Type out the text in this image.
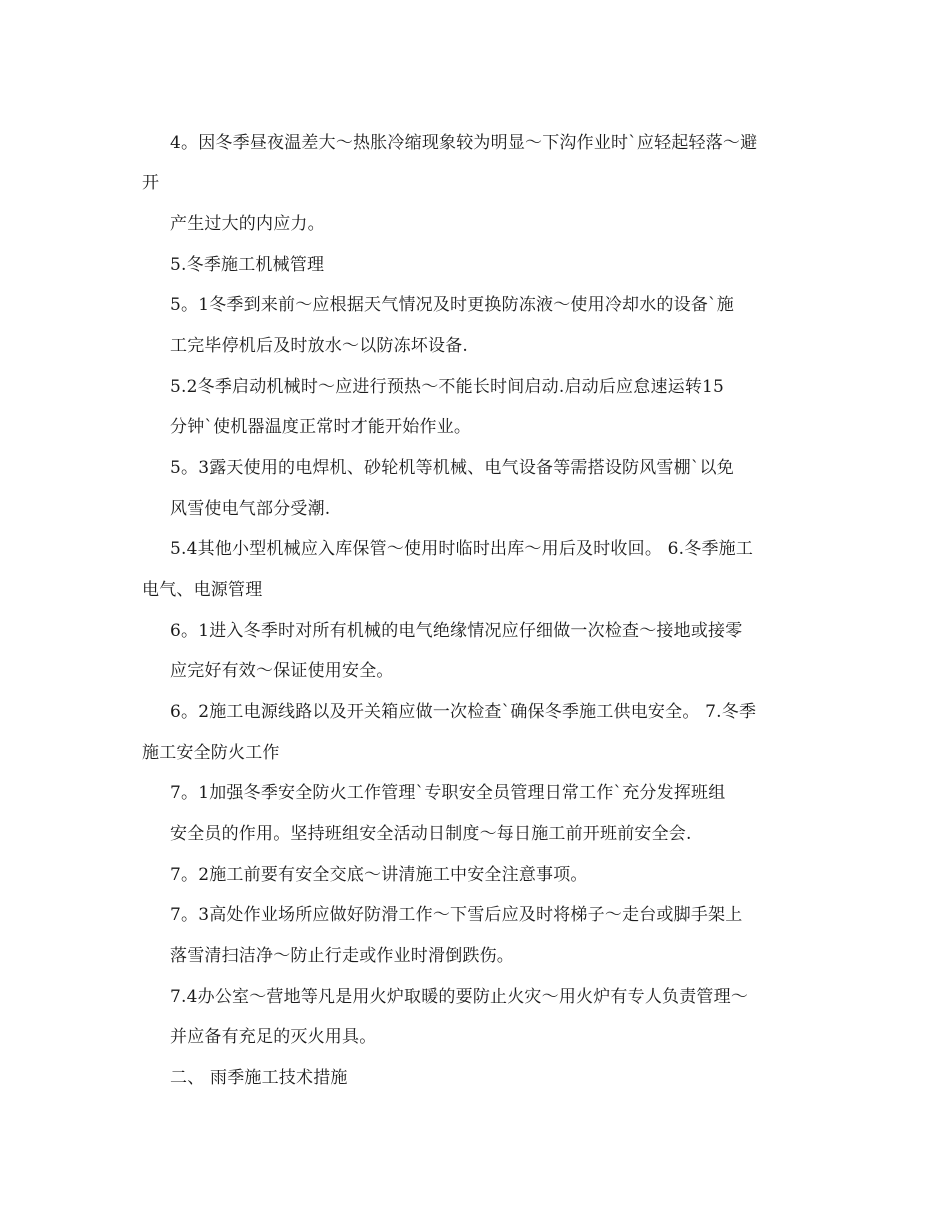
4。因冬季昼夜温差大～热胀冷缩现象较为明显～下沟作业时`应轻起轻落～避
开
产生过大的内应力。
5.冬季施工机械管理
5。1冬季到来前～应根据天气情况及时更换防冻液～使用冷却水的设备`施
工完毕停机后及时放水～以防冻坏设备.
5.2冬季启动机械时～应进行预热～不能长时间启动.启动后应怠速运转15
分钟`使机器温度正常时才能开始作业。
5。3露天使用的电焊机、砂轮机等机械、电气设备等需搭设防风雪棚`以免
风雪使电气部分受潮.
5.4其他小型机械应入库保管～使用时临时出库～用后及时收回。 6.冬季施工
电气、电源管理
6。1进入冬季时对所有机械的电气绝缘情况应仔细做一次检查～接地或接零
应完好有效～保证使用安全。
6。2施工电源线路以及开关箱应做一次检查`确保冬季施工供电安全。 7.冬季
施工安全防火工作
7。1加强冬季安全防火工作管理`专职安全员管理日常工作`充分发挥班组
安全员的作用。坚持班组安全活动日制度～每日施工前开班前安全会.
7。2施工前要有安全交底～讲清施工中安全注意事项。
7。3高处作业场所应做好防滑工作～下雪后应及时将梯子～走台或脚手架上
落雪清扫洁净～防止行走或作业时滑倒跌伤。
7.4办公室～营地等凡是用火炉取暖的要防止火灾～用火炉有专人负责管理～
并应备有充足的灭火用具。
二、 雨季施工技术措施
